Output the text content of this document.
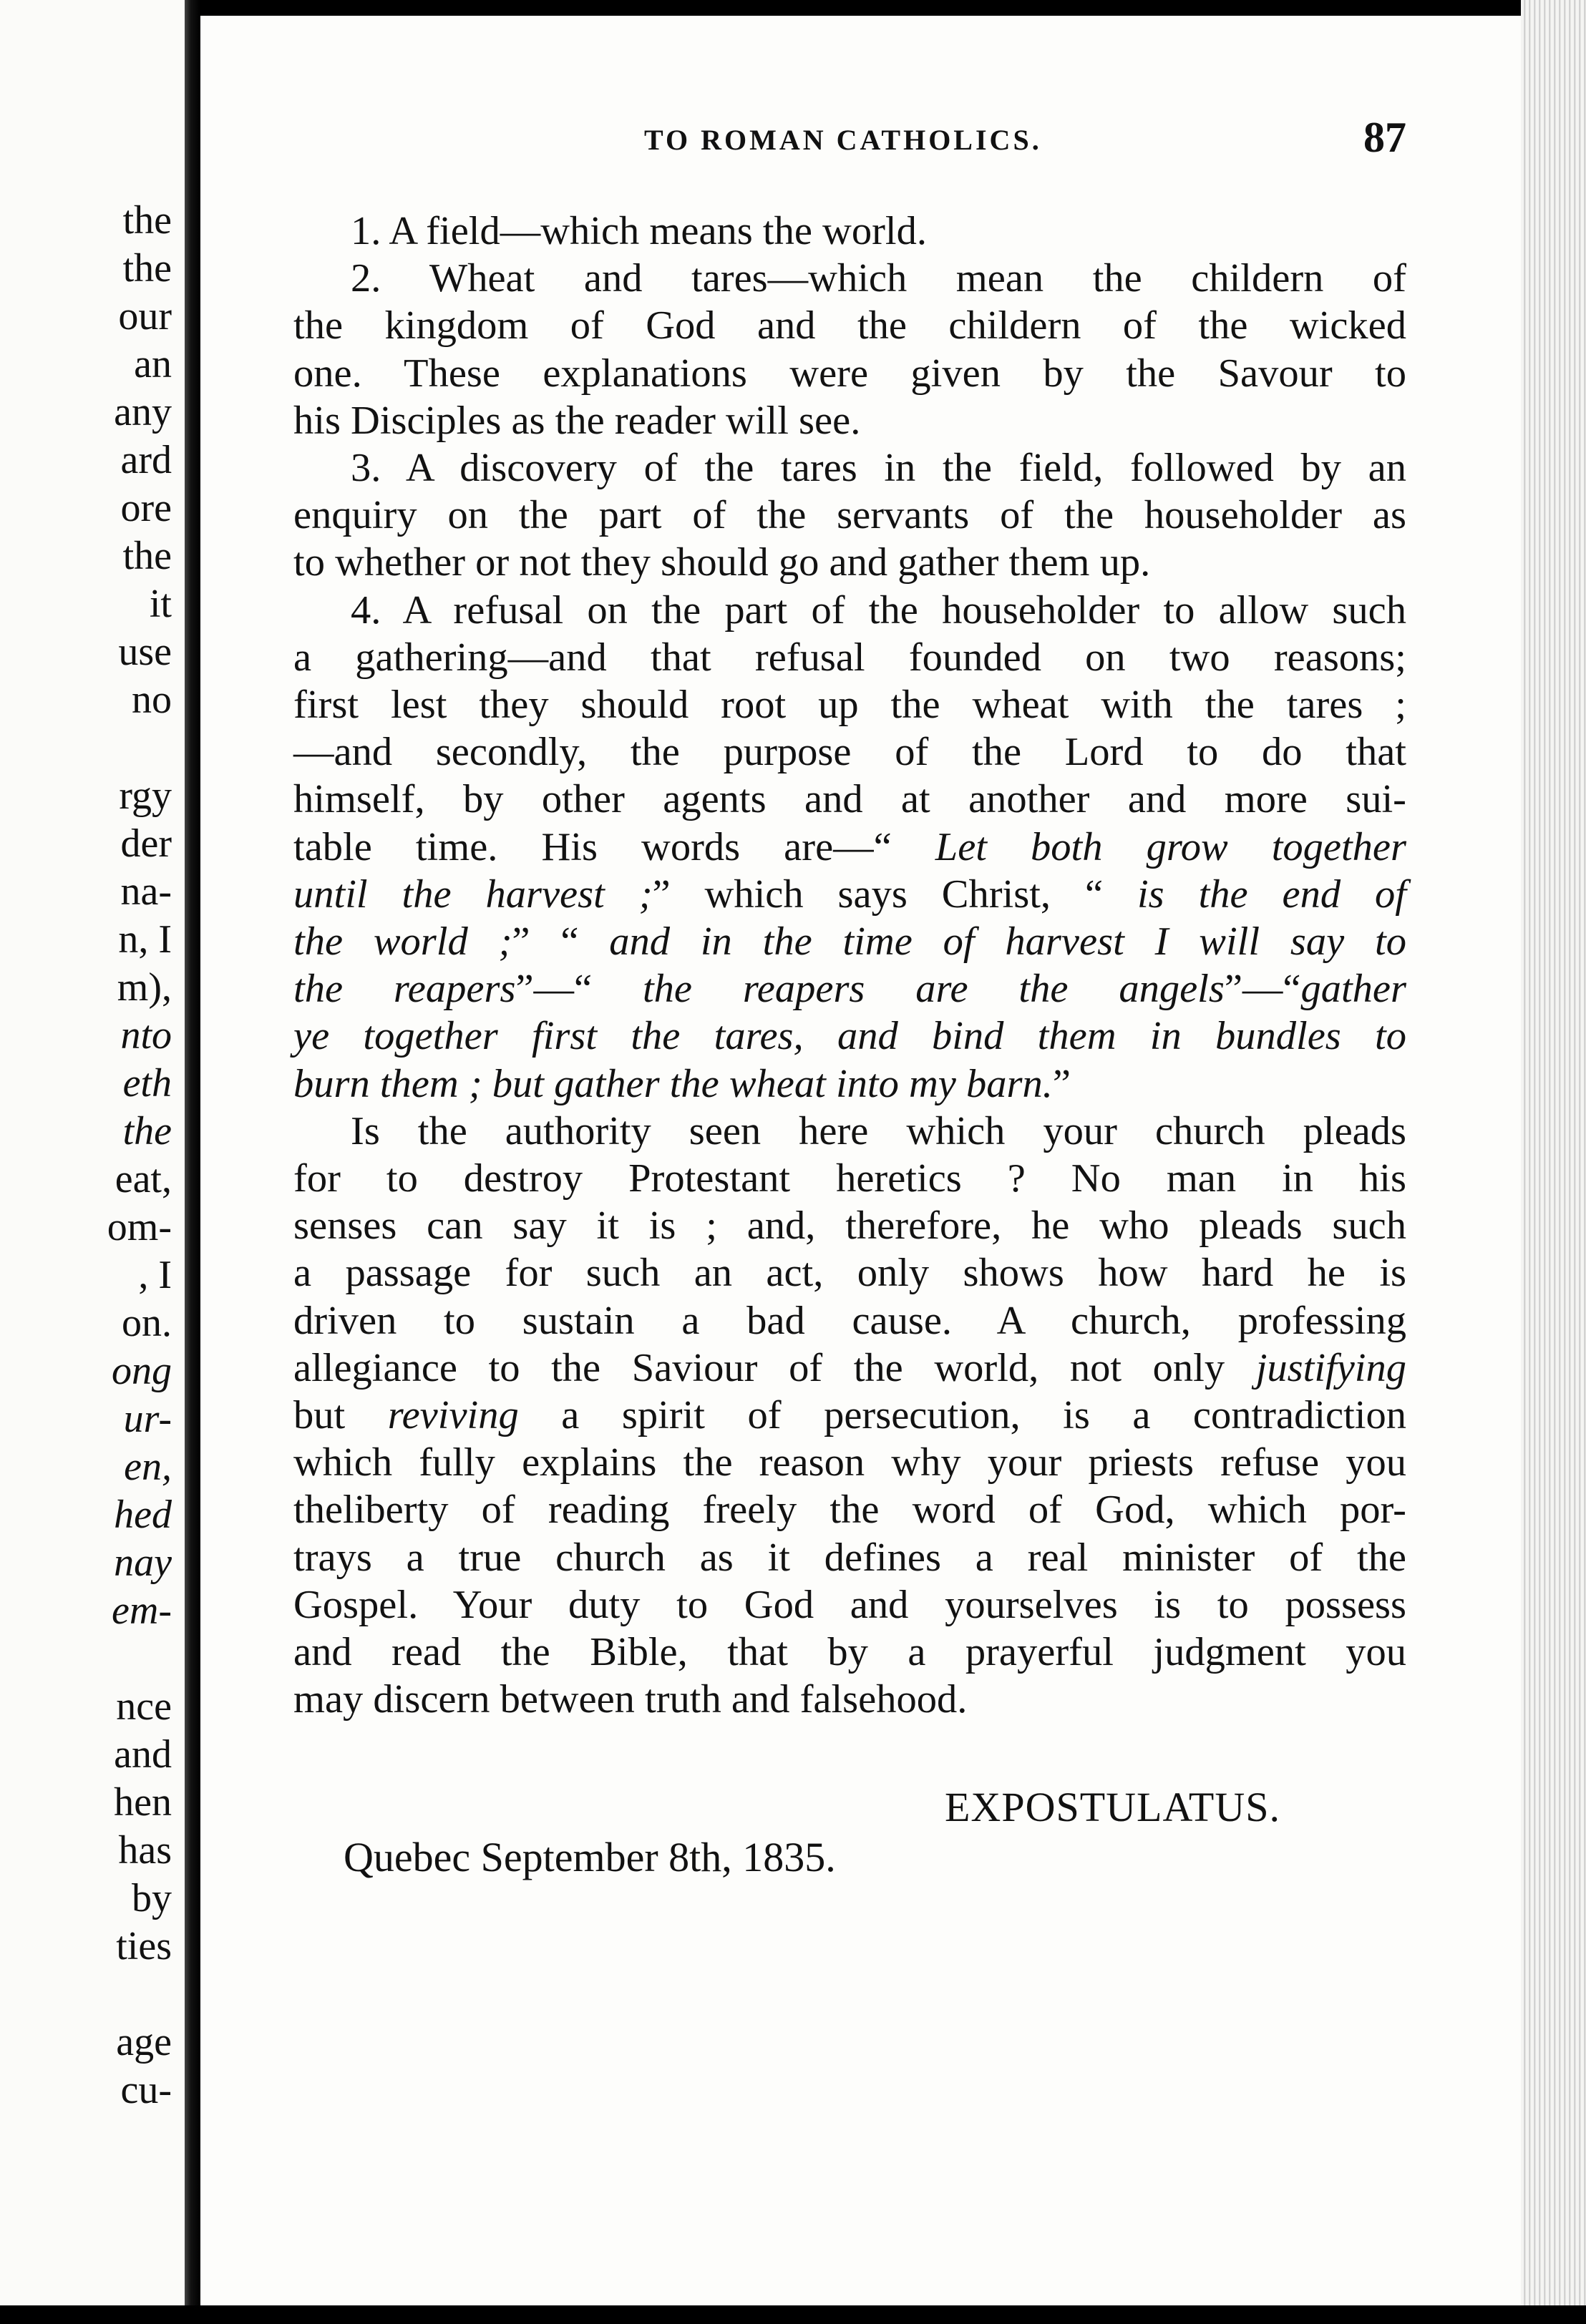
the
the
our
an
any
ard
ore
the
it
use
no
rgy
der
na-
n, I
m),
nto
eth
the
eat,
om-
, I
on.
ong
ur-
en,
hed
nay
em-
nce
and
hen
has
by
ties
age
cu-
TO ROMAN CATHOLICS.	87
1. A field—which means the world.
2. Wheat and tares—which mean the childern of
the kingdom of God and the childern of the wicked
one. These explanations were given by the Savour to
his Disciples as the reader will see.
3. A discovery of the tares in the field, followed by an
enquiry on the part of the servants of the householder as
to whether or not they should go and gather them up.
4. A refusal on the part of the householder to allow such
a gathering—and that refusal founded on two reasons;
first lest they should root up the wheat with the tares ;
—and secondly, the purpose of the Lord to do that
himself, by other agents and at another and more sui-
table time. His words are—“ Let both grow together
until the harvest ;” which says Christ, “ is the end of
the world ;” “ and in the time of harvest I will say to
the reapers”—“ the reapers are the angels”—“gather
ye together first the tares, and bind them in bundles to
burn them ; but gather the wheat into my barn.”
Is the authority seen here which your church pleads
for to destroy Protestant heretics ? No man in his
senses can say it is ; and, therefore, he who pleads such
a passage for such an act, only shows how hard he is
driven to sustain a bad cause. A church, professing
allegiance to the Saviour of the world, not only justifying
but reviving a spirit of persecution, is a contradiction
which fully explains the reason why your priests refuse you
theliberty of reading freely the word of God, which por-
trays a true church as it defines a real minister of the
Gospel. Your duty to God and yourselves is to possess
and read the Bible, that by a prayerful judgment you
may discern between truth and falsehood.
EXPOSTULATUS.
Quebec September 8th, 1835.
